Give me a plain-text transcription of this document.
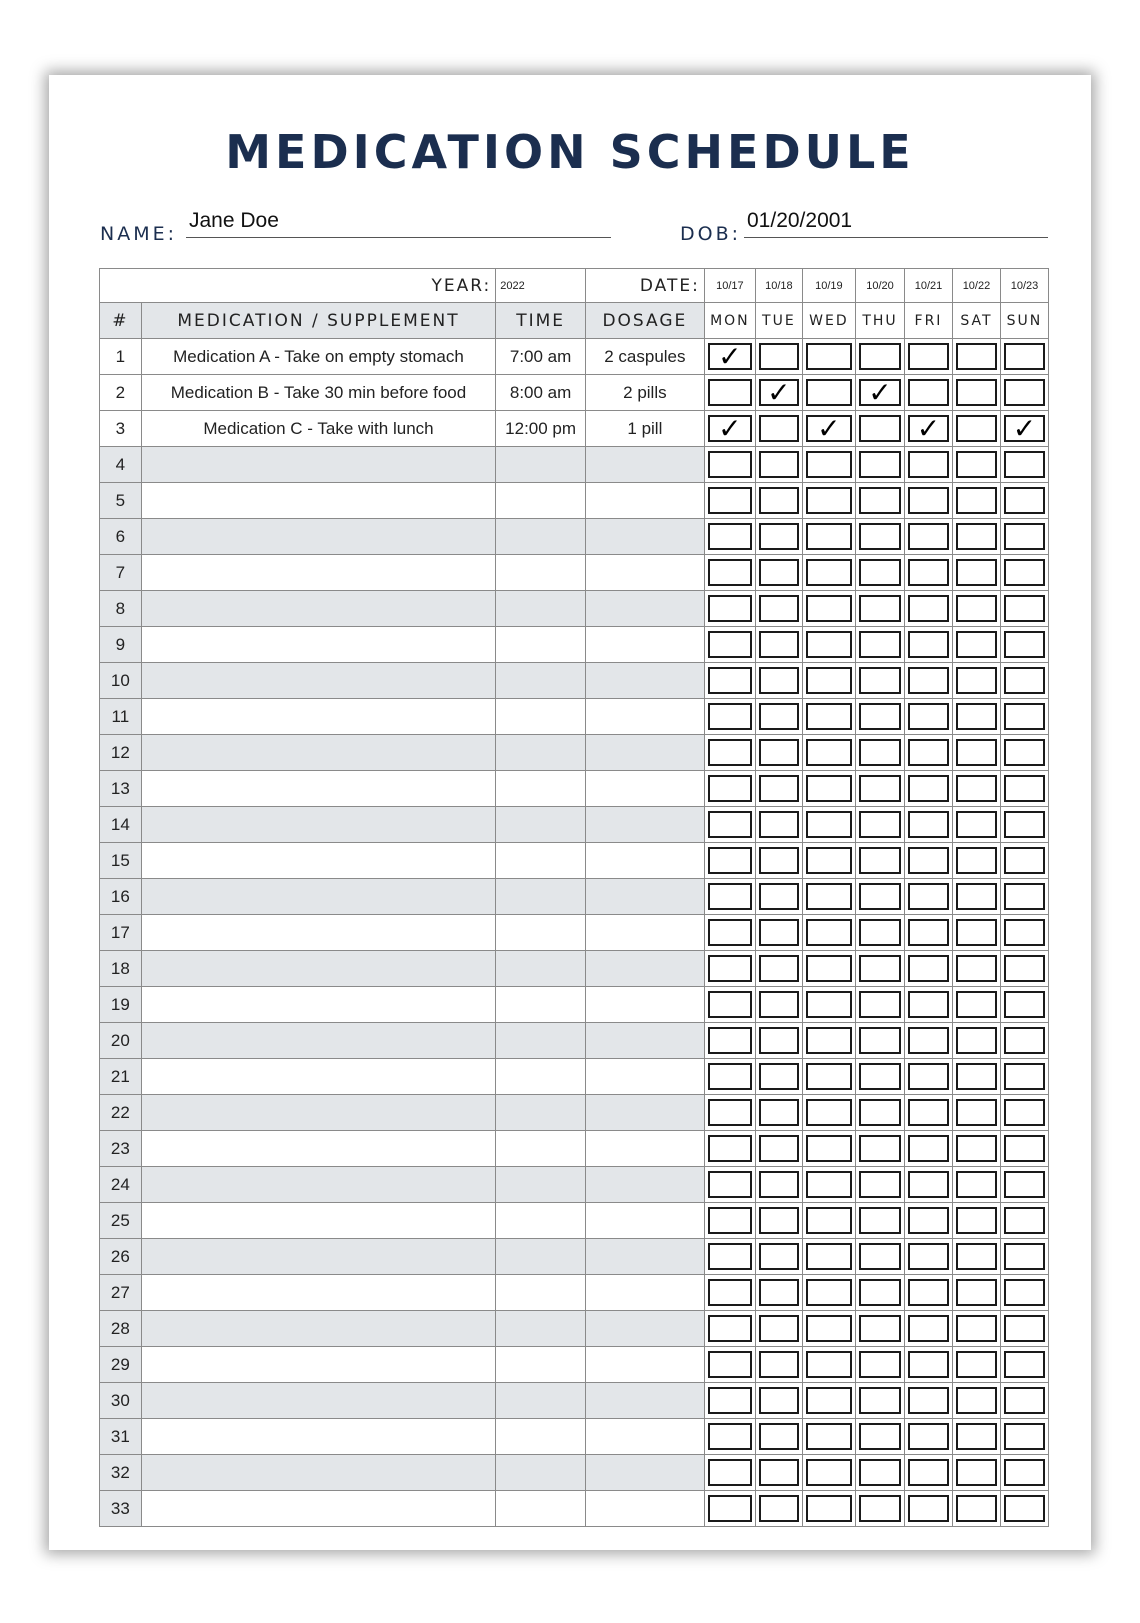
MEDICATION SCHEDULE
NAME:
Jane Doe
DOB:
01/20/2001
YEAR:		2022	DATE:	10/17	10/18	10/19	10/20	10/21	10/22	10/23
#	MEDICATION / SUPPLEMENT	TIME	DOSAGE	MON	TUE	WED	THU	FRI	SAT	SUN
1	Medication A - Take on empty stomach	7:00 am	2 caspules	✓						

2	Medication B - Take 30 min before food	8:00 am	2 pills		✓		✓			

3	Medication C - Take with lunch	12:00 pm	1 pill	✓		✓		✓		✓

4				

5				

6				

7				

8				

9				

10				

11				

12				

13				

14				

15				

16				

17				

18				

19				

20				

21				

22				

23				

24				

25				

26				

27				

28				

29				

30				

31				

32				

33				
